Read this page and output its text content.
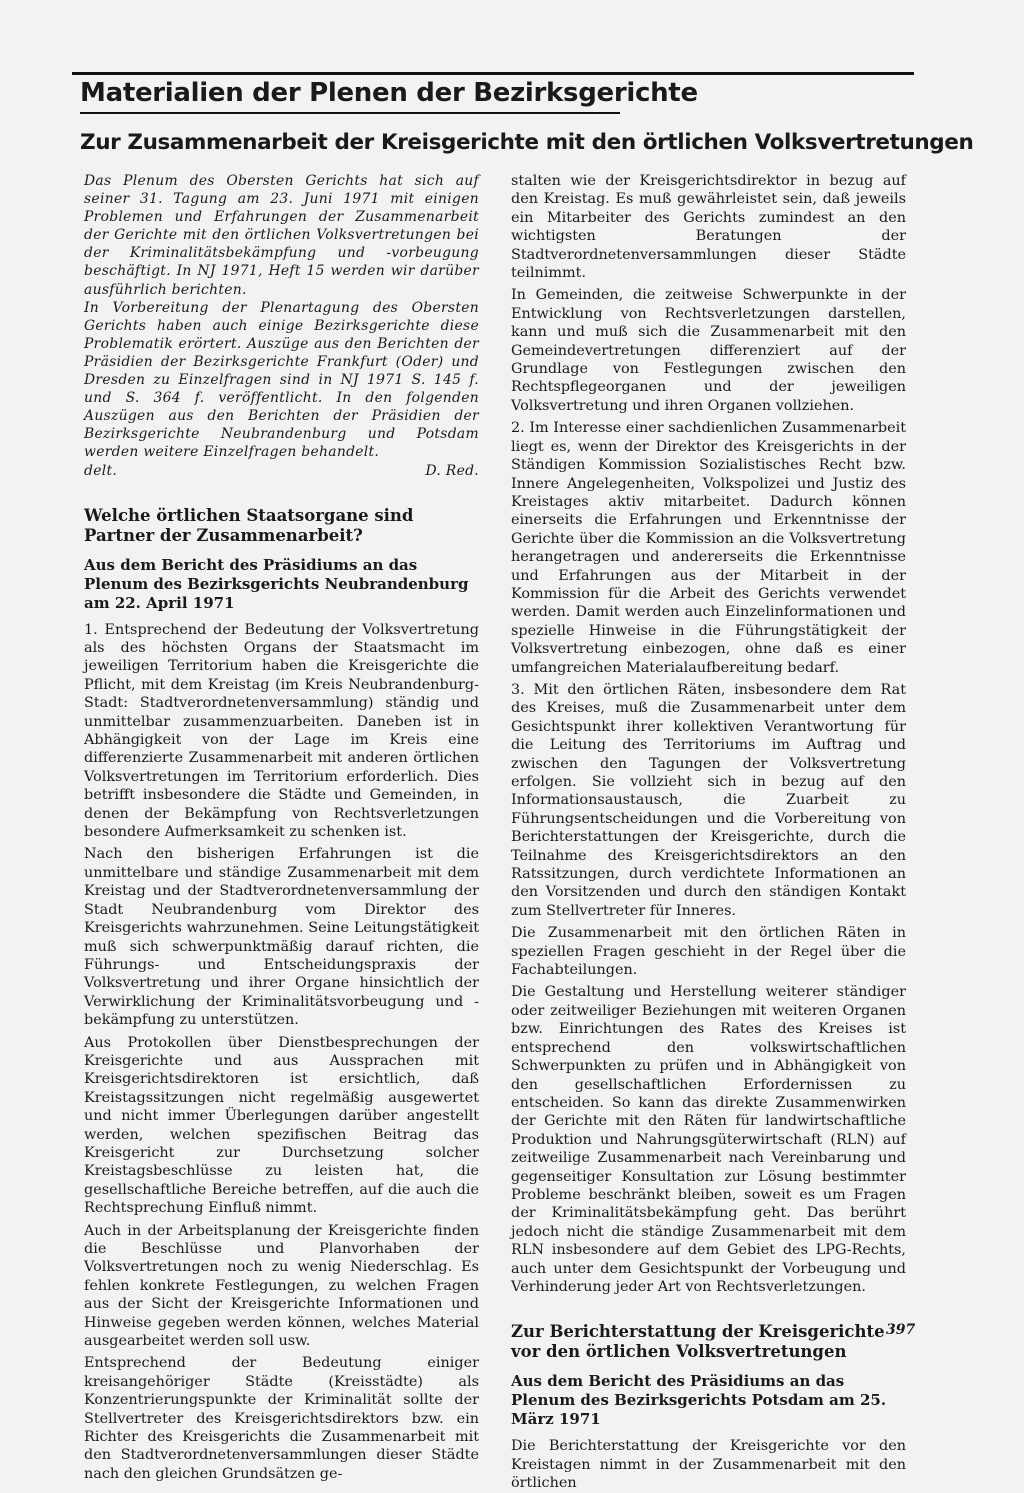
Materialien der Plenen der Bezirksgerichte
Zur Zusammenarbeit der Kreisgerichte mit den örtlichen Volksvertretungen

Das Plenum des Obersten Gerichts hat sich auf seiner 31. Tagung am 23. Juni 1971 mit einigen Problemen und Erfahrungen der Zusammenarbeit der Gerichte mit den örtlichen Volksvertretungen bei der Kriminalitätsbekämpfung und -vorbeugung beschäftigt. In NJ 1971, Heft 15 werden wir darüber ausführlich berichten.

In Vorbereitung der Plenartagung des Obersten Gerichts haben auch einige Bezirksgerichte diese Problematik erörtert. Auszüge aus den Berichten der Präsidien der Bezirksgerichte Frankfurt (Oder) und Dresden zu Einzelfragen sind in NJ 1971 S. 145 f. und S. 364 f. veröffentlicht. In den folgenden Auszügen aus den Berichten der Präsidien der Bezirksgerichte Neubrandenburg und Potsdam werden weitere Einzelfragen behandelt.

delt.	D. Red.
Welche örtlichen Staatsorgane sind Partner der Zusammenarbeit?
Aus dem Bericht des Präsidiums an das Plenum des Bezirksgerichts Neubrandenburg am 22. April 1971

1. Entsprechend der Bedeutung der Volksvertretung als des höchsten Organs der Staatsmacht im jeweiligen Territorium haben die Kreisgerichte die Pflicht, mit dem Kreistag (im Kreis Neubrandenburg-Stadt: Stadtverordnetenversammlung) ständig und unmittelbar zusammenzuarbeiten. Daneben ist in Abhängigkeit von der Lage im Kreis eine differenzierte Zusammenarbeit mit anderen örtlichen Volksvertretungen im Territorium erforderlich. Dies betrifft insbesondere die Städte und Gemeinden, in denen der Bekämpfung von Rechtsverletzungen besondere Aufmerksamkeit zu schenken ist.

Nach den bisherigen Erfahrungen ist die unmittelbare und ständige Zusammenarbeit mit dem Kreistag und der Stadtverordnetenversammlung der Stadt Neubrandenburg vom Direktor des Kreisgerichts wahrzunehmen. Seine Leitungstätigkeit muß sich schwerpunktmäßig darauf richten, die Führungs- und Entscheidungspraxis der Volksvertretung und ihrer Organe hinsichtlich der Verwirklichung der Kriminalitätsvorbeugung und -bekämpfung zu unterstützen.

Aus Protokollen über Dienstbesprechungen der Kreisgerichte und aus Aussprachen mit Kreisgerichtsdirektoren ist ersichtlich, daß Kreistagssitzungen nicht regelmäßig ausgewertet und nicht immer Überlegungen darüber angestellt werden, welchen spezifischen Beitrag das Kreisgericht zur Durchsetzung solcher Kreistagsbeschlüsse zu leisten hat, die gesellschaftliche Bereiche betreffen, auf die auch die Rechtsprechung Einfluß nimmt.

Auch in der Arbeitsplanung der Kreisgerichte finden die Beschlüsse und Planvorhaben der Volksvertretungen noch zu wenig Niederschlag. Es fehlen konkrete Festlegungen, zu welchen Fragen aus der Sicht der Kreisgerichte Informationen und Hinweise gegeben werden können, welches Material ausgearbeitet werden soll usw.

Entsprechend der Bedeutung einiger kreisangehöriger Städte (Kreisstädte) als Konzentrierungspunkte der Kriminalität sollte der Stellvertreter des Kreisgerichtsdirektors bzw. ein Richter des Kreisgerichts die Zusammenarbeit mit den Stadtverordnetenversammlungen dieser Städte nach den gleichen Grundsätzen ge-

stalten wie der Kreisgerichtsdirektor in bezug auf den Kreistag. Es muß gewährleistet sein, daß jeweils ein Mitarbeiter des Gerichts zumindest an den wichtigsten Beratungen der Stadtverordnetenversammlungen dieser Städte teilnimmt.

In Gemeinden, die zeitweise Schwerpunkte in der Entwicklung von Rechtsverletzungen darstellen, kann und muß sich die Zusammenarbeit mit den Gemeindevertretungen differenziert auf der Grundlage von Festlegungen zwischen den Rechtspflegeorganen und der jeweiligen Volksvertretung und ihren Organen vollziehen.

2. Im Interesse einer sachdienlichen Zusammenarbeit liegt es, wenn der Direktor des Kreisgerichts in der Ständigen Kommission Sozialistisches Recht bzw. Innere Angelegenheiten, Volkspolizei und Justiz des Kreistages aktiv mitarbeitet. Dadurch können einerseits die Erfahrungen und Erkenntnisse der Gerichte über die Kommission an die Volksvertretung herangetragen und andererseits die Erkenntnisse und Erfahrungen aus der Mitarbeit in der Kommission für die Arbeit des Gerichts verwendet werden. Damit werden auch Einzelinformationen und spezielle Hinweise in die Führungstätigkeit der Volksvertretung einbezogen, ohne daß es einer umfangreichen Materialaufbereitung bedarf.

3. Mit den örtlichen Räten, insbesondere dem Rat des Kreises, muß die Zusammenarbeit unter dem Gesichtspunkt ihrer kollektiven Verantwortung für die Leitung des Territoriums im Auftrag und zwischen den Tagungen der Volksvertretung erfolgen. Sie vollzieht sich in bezug auf den Informationsaustausch, die Zuarbeit zu Führungsentscheidungen und die Vorbereitung von Berichterstattungen der Kreisgerichte, durch die Teilnahme des Kreisgerichtsdirektors an den Ratssitzungen, durch verdichtete Informationen an den Vorsitzenden und durch den ständigen Kontakt zum Stellvertreter für Inneres.

Die Zusammenarbeit mit den örtlichen Räten in speziellen Fragen geschieht in der Regel über die Fachabteilungen.

Die Gestaltung und Herstellung weiterer ständiger oder zeitweiliger Beziehungen mit weiteren Organen bzw. Einrichtungen des Rates des Kreises ist entsprechend den volkswirtschaftlichen Schwerpunkten zu prüfen und in Abhängigkeit von den gesellschaftlichen Erfordernissen zu entscheiden. So kann das direkte Zusammenwirken der Gerichte mit den Räten für landwirtschaftliche Produktion und Nahrungsgüterwirtschaft (RLN) auf zeitweilige Zusammenarbeit nach Vereinbarung und gegenseitiger Konsultation zur Lösung bestimmter Probleme beschränkt bleiben, soweit es um Fragen der Kriminalitätsbekämpfung geht. Das berührt jedoch nicht die ständige Zusammenarbeit mit dem RLN insbesondere auf dem Gebiet des LPG-Rechts, auch unter dem Gesichtspunkt der Vorbeugung und Verhinderung jeder Art von Rechtsverletzungen.

Zur Berichterstattung der Kreisgerichte vor den örtlichen Volksvertretungen
Aus dem Bericht des Präsidiums an das Plenum des Bezirksgerichts Potsdam am 25. März 1971

Die Berichterstattung der Kreisgerichte vor den Kreistagen nimmt in der Zusammenarbeit mit den örtlichen

397
